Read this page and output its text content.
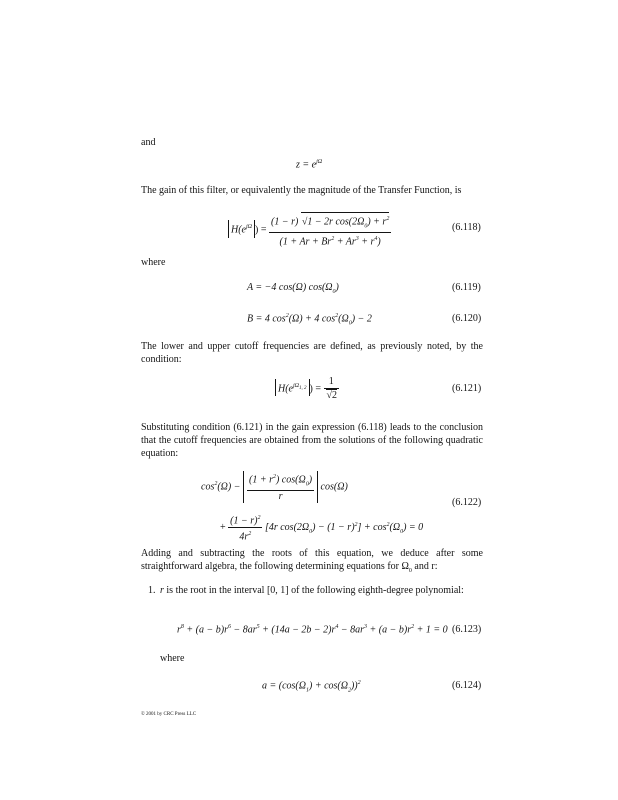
and
$z = e^{j\Omega}$
The gain of this filter, or equivalently the magnitude of the Transfer Function, is
$H(e^{j\Omega}$ ) = $\frac{(1 - r) √1 - 2r \cos(2\Omega_0) + r^2}{(1 + Ar + Br^2 + Ar^3 + r^4)}$	(6.118)
where
A = −4 cos(Ω) $\cos(\Omega_0)$	(6.119)
B = 4 $\cos^2(\Omega) + 4$ $\cos^2(\Omega_0) - 2$	(6.120)
The lower and upper cutoff frequencies are defined, as previously noted, by the condition:
$H(e^{j\Omega_{1, 2}}$ ) = $\frac{1}{√2}$	(6.121)
Substituting condition (6.121) in the gain expression (6.118) leads to the conclusion that the cutoff frequencies are obtained from the solutions of the following quadratic equation:
$\cos^2(\Omega) - \frac{(1 + r^2) \cos(\Omega_0)}{r} \cos(\Omega)$
+ $\frac{(1 - r)^2}{4r^2} [4r$ $\cos(2\Omega_0) - (1 - r)^2] + \cos^2(\Omega_0) = 0$
(6.122)
Adding and subtracting the roots of this equation, we deduce after some straightforward algebra, the following determining equations for $\Omega_0$ and r:
1. r is the root in the interval [0, 1] of the following eighth-degree polynomial:
$r^8 + (a - b)r^6 - 8ar^5 + (14a - 2b - 2)r^4 - 8ar^3 + (a - b)r^2 + 1 = 0$ (6.123)
where
$a = (\cos(\Omega_1) + \cos(\Omega_2))^2$	(6.124)
© 2001 by CRC Press LLC
